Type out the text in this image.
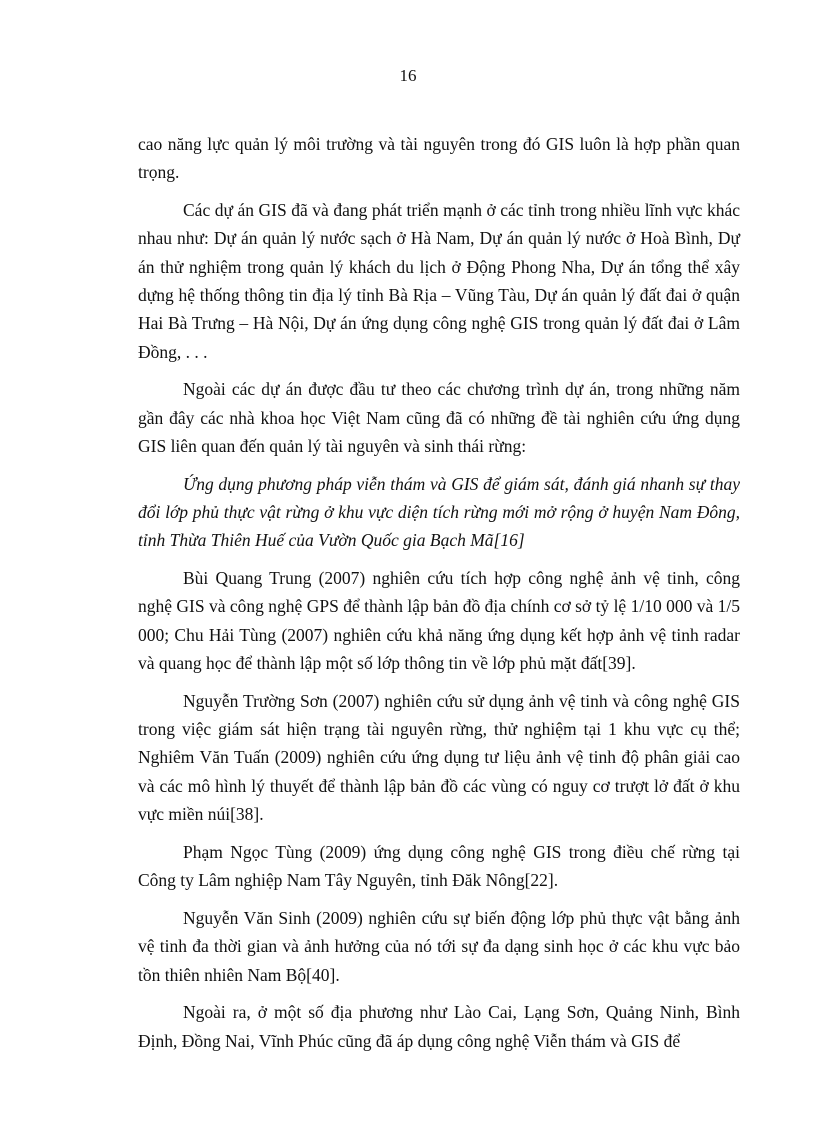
16

cao năng lực quản lý môi trường và tài nguyên trong đó GIS luôn là hợp phần quan trọng.

Các dự án GIS đã và đang phát triển mạnh ở các tỉnh trong nhiều lĩnh vực khác nhau như: Dự án quản lý nước sạch ở Hà Nam, Dự án quản lý nước ở Hoà Bình, Dự án thử nghiệm trong quản lý khách du lịch ở Động Phong Nha, Dự án tổng thể xây dựng hệ thống thông tin địa lý tỉnh Bà Rịa – Vũng Tàu, Dự án quản lý đất đai ở quận Hai Bà Trưng – Hà Nội, Dự án ứng dụng công nghệ GIS trong quản lý đất đai ở Lâm Đồng, . . .

Ngoài các dự án được đầu tư theo các chương trình dự án, trong những năm gần đây các nhà khoa học Việt Nam cũng đã có những đề tài nghiên cứu ứng dụng GIS liên quan đến quản lý tài nguyên và sinh thái rừng:

Ứng dụng phương pháp viễn thám và GIS để giám sát, đánh giá nhanh sự thay đổi lớp phủ thực vật rừng ở khu vực diện tích rừng mới mở rộng ở huyện Nam Đông, tỉnh Thừa Thiên Huế của Vườn Quốc gia Bạch Mã[16]

Bùi Quang Trung (2007) nghiên cứu tích hợp công nghệ ảnh vệ tinh, công nghệ GIS và công nghệ GPS để thành lập bản đồ địa chính cơ sở tỷ lệ 1/10 000 và 1/5 000; Chu Hải Tùng (2007) nghiên cứu khả năng ứng dụng kết hợp ảnh vệ tinh radar và quang học để thành lập một số lớp thông tin về lớp phủ mặt đất[39].

Nguyễn Trường Sơn (2007) nghiên cứu sử dụng ảnh vệ tinh và công nghệ GIS trong việc giám sát hiện trạng tài nguyên rừng, thử nghiệm tại 1 khu vực cụ thể; Nghiêm Văn Tuấn (2009) nghiên cứu ứng dụng tư liệu ảnh vệ tinh độ phân giải cao và các mô hình lý thuyết để thành lập bản đồ các vùng có nguy cơ trượt lở đất ở khu vực miền núi[38].

Phạm Ngọc Tùng (2009) ứng dụng công nghệ GIS trong điều chế rừng tại Công ty Lâm nghiệp Nam Tây Nguyên, tỉnh Đăk Nông[22].

Nguyễn Văn Sinh (2009) nghiên cứu sự biến động lớp phủ thực vật bằng ảnh vệ tinh đa thời gian và ảnh hưởng của nó tới sự đa dạng sinh học ở các khu vực bảo tồn thiên nhiên Nam Bộ[40].

Ngoài ra, ở một số địa phương như Lào Cai, Lạng Sơn, Quảng Ninh, Bình Định, Đồng Nai, Vĩnh Phúc cũng đã áp dụng công nghệ Viễn thám và GIS để
